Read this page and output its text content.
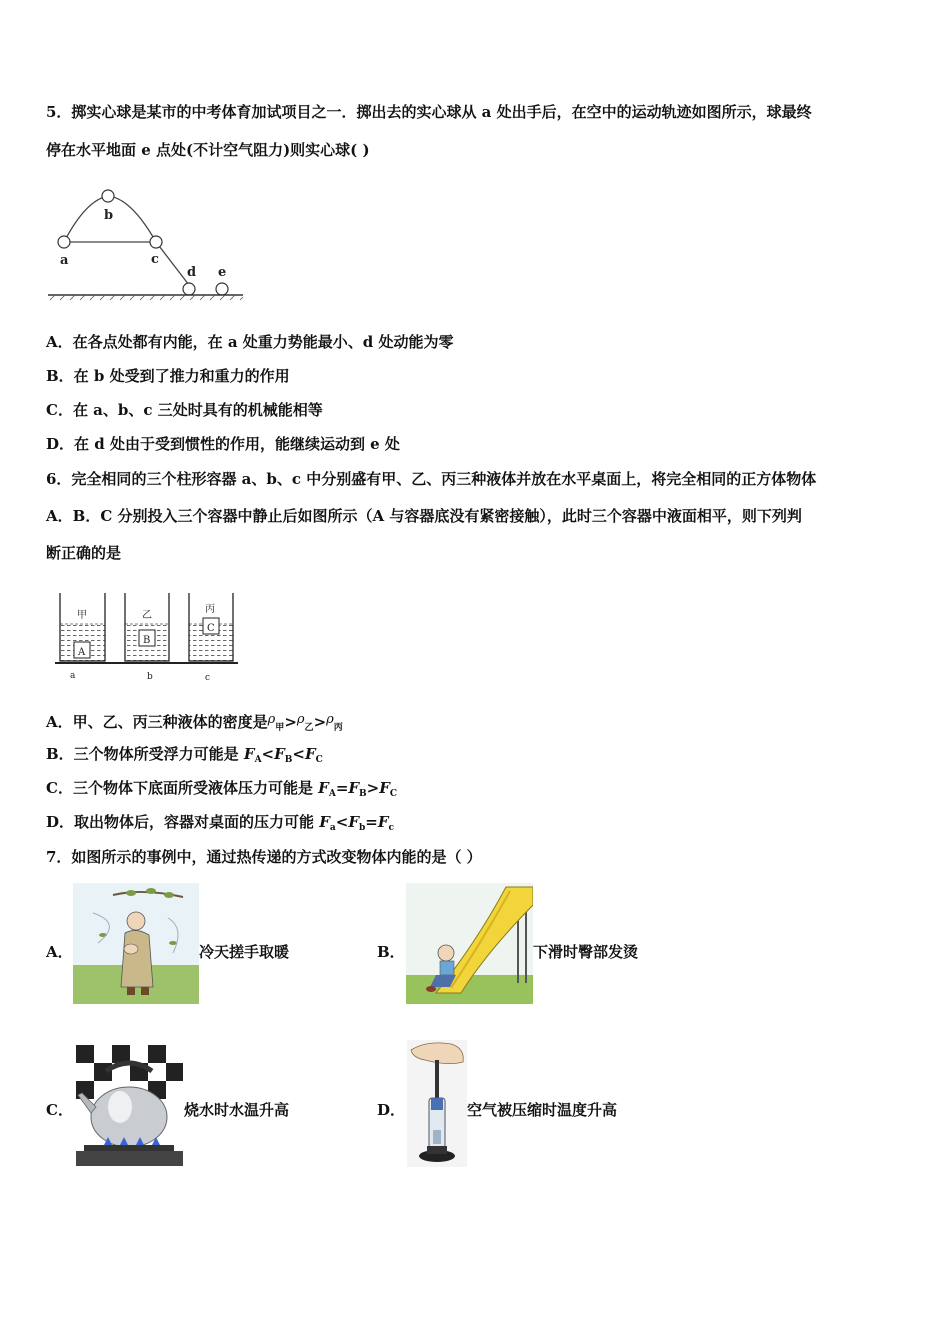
5．掷实心球是某市的中考体育加试项目之一．掷出去的实心球从 a 处出手后，在空中的运动轨迹如图所示，球最终
停在水平地面 e 点处(不计空气阻力)则实心球( )
a
b
c
d e
A．在各点处都有内能，在 a 处重力势能最小、d 处动能为零
B．在 b 处受到了推力和重力的作用
C．在 a、b、c 三处时具有的机械能相等
D．在 d 处由于受到惯性的作用，能继续运动到 e 处
6．完全相同的三个柱形容器 a、b、c 中分别盛有甲、乙、丙三种液体并放在水平桌面上，将完全相同的正方体物体
A．B．C 分别投入三个容器中静止后如图所示（A 与容器底没有紧密接触），此时三个容器中液面相平，则下列判
断正确的是
甲	乙
丙
A
B
C
a	b	c
A．甲、乙、丙三种液体的密度是$\rho_甲>\rho_乙>\rho_丙$
B．三个物体所受浮力可能是 $F_A<F_B<F_C$
C．三个物体下底面所受液体压力可能是 $F_A=F_B>F_C$
D．取出物体后，容器对桌面的压力可能 $F_a<F_b=F_c$
7．如图所示的事例中，通过热传递的方式改变物体内能的是（ ）
A．	冷天搓手取暖	B．	下滑时臀部发烫
C．	烧水时水温升高	D．	空气被压缩时温度升高
